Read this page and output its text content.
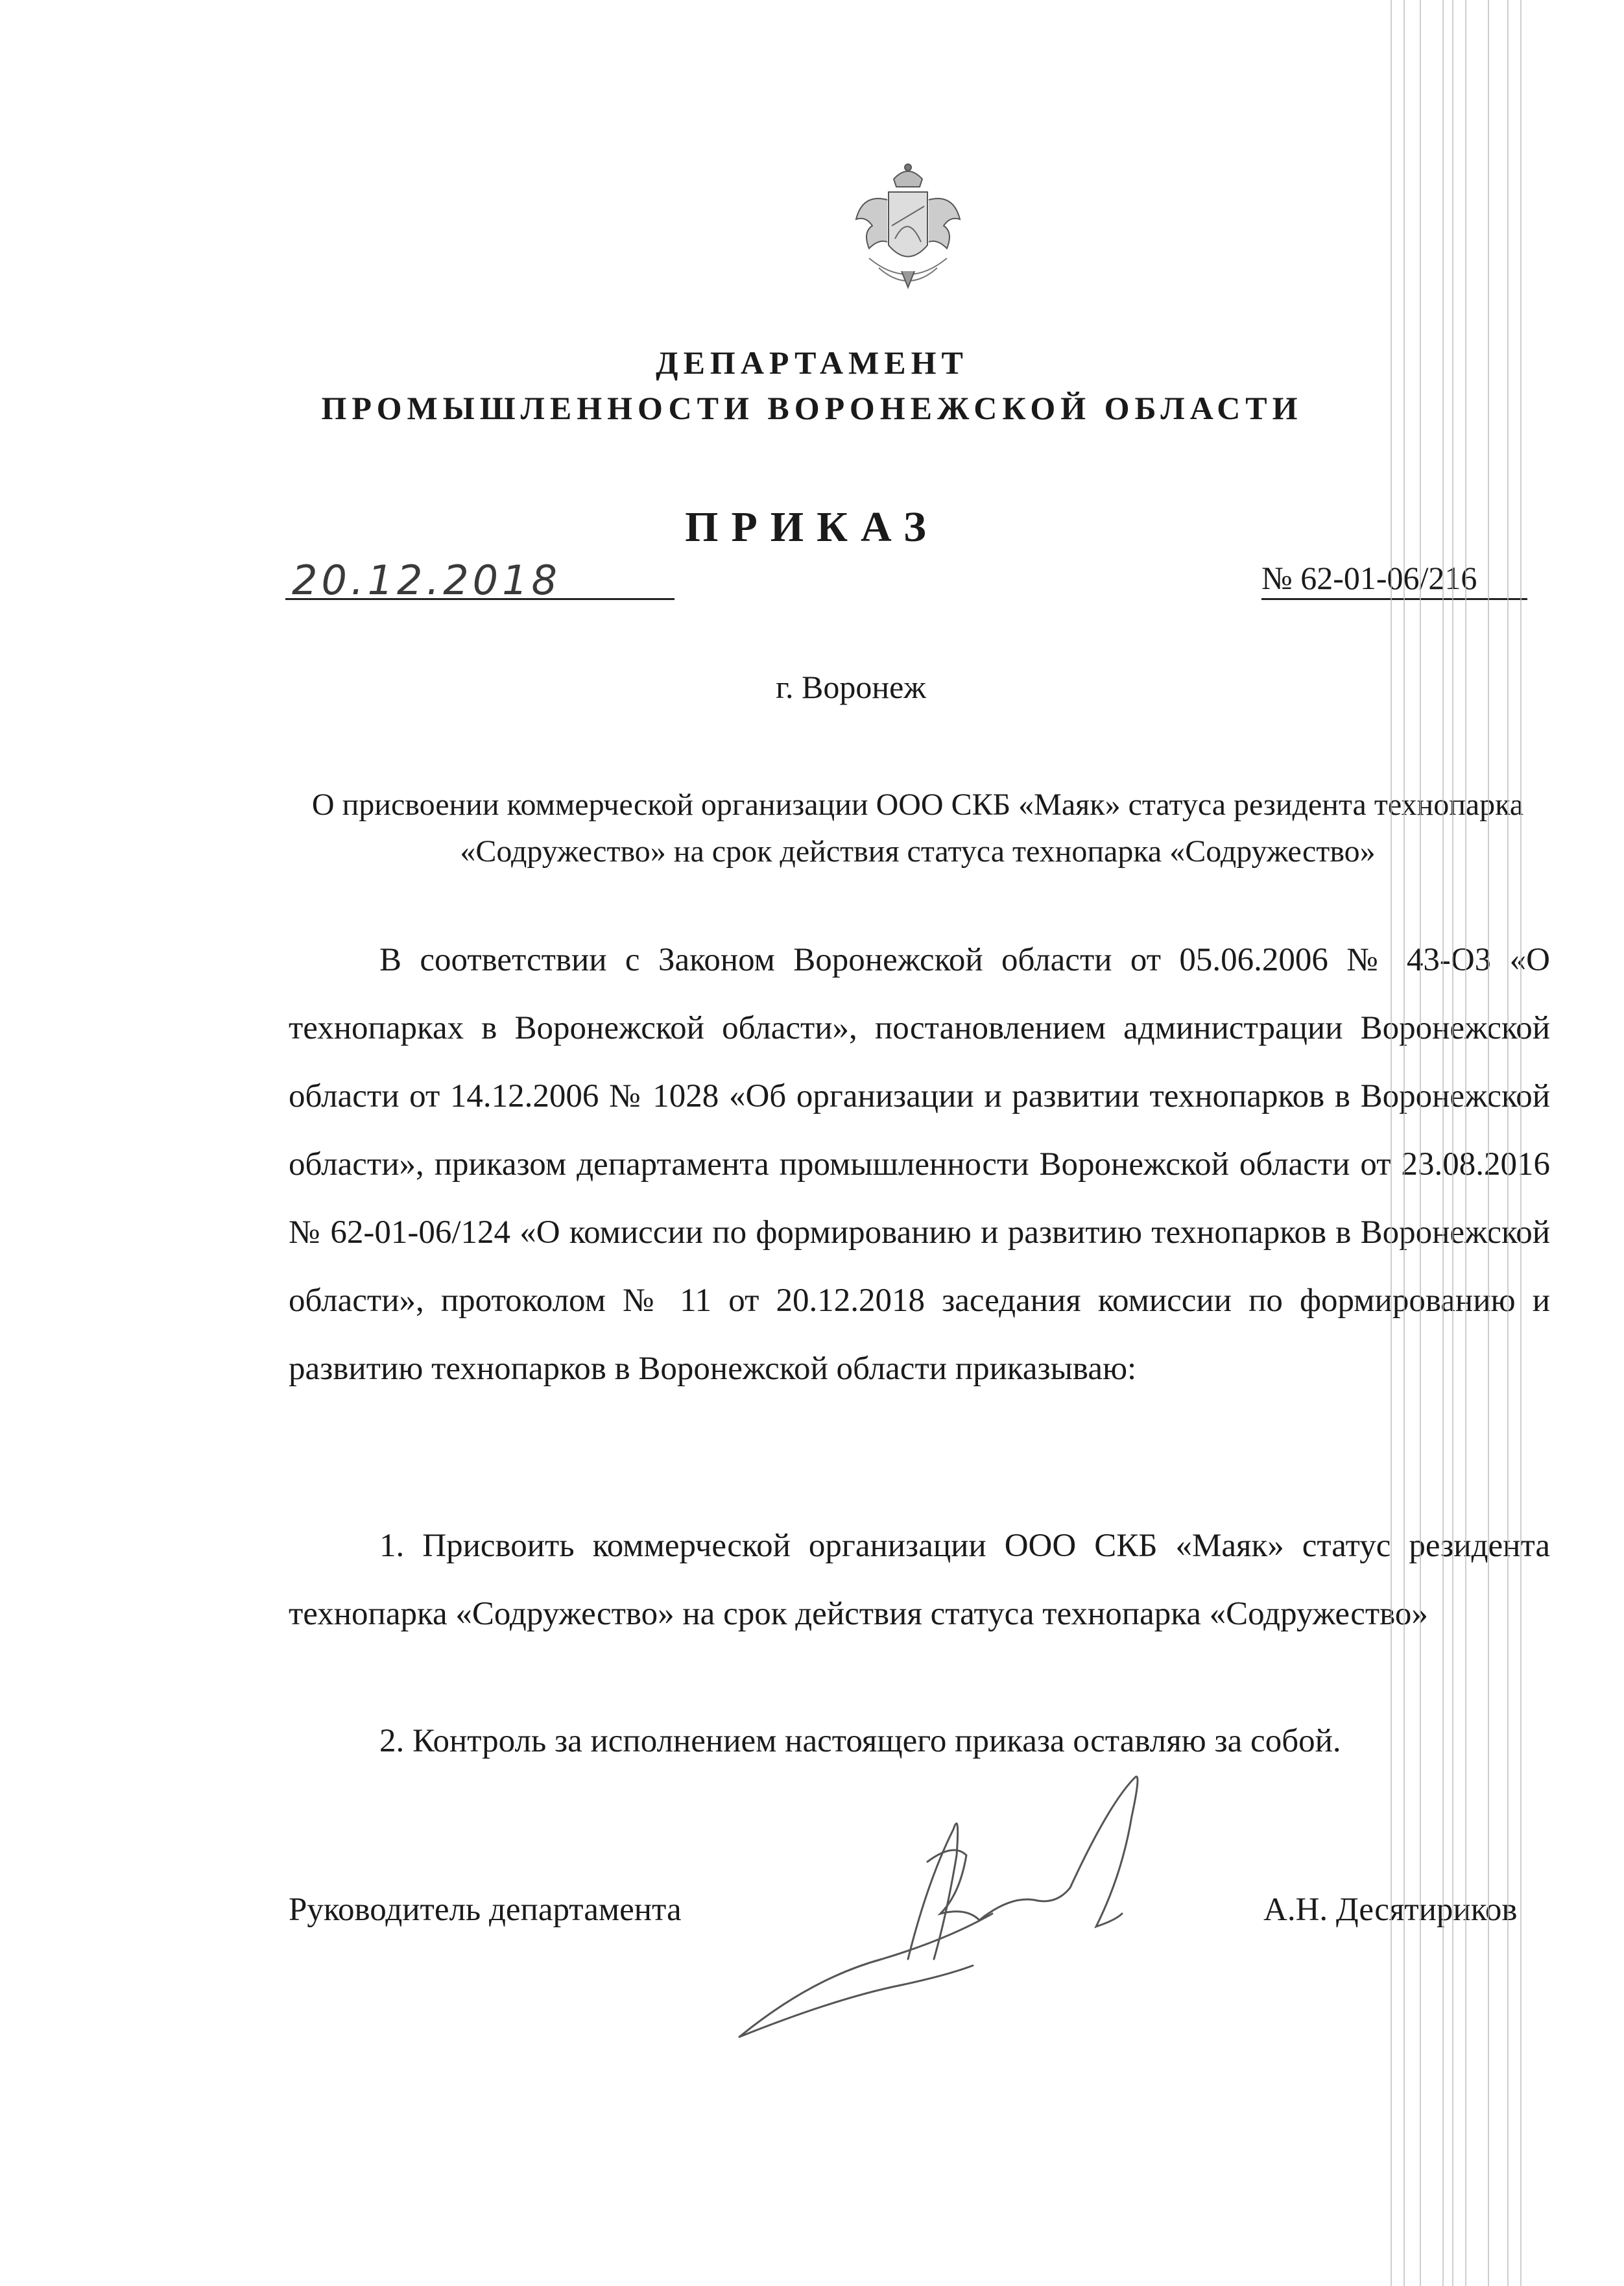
ДЕПАРТАМЕНТ
ПРОМЫШЛЕННОСТИ ВОРОНЕЖСКОЙ ОБЛАСТИ
ПРИКАЗ
20.12.2018	№ 62-01-06/216
г. Воронеж
О присвоении коммерческой организации ООО СКБ «Маяк» статуса резидента технопарка «Содружество» на срок действия статуса технопарка «Содружество»
В соответствии с Законом Воронежской области от 05.06.2006 № 43-ОЗ «О технопарках в Воронежской области», постановлением администрации Воронежской области от 14.12.2006 № 1028 «Об организации и развитии технопарков в Воронежской области», приказом департамента промышленности Воронежской области от 23.08.2016 № 62-01-06/124 «О комиссии по формированию и развитию технопарков в Воронежской области», протоколом № 11 от 20.12.2018 заседания комиссии по формированию и развитию технопарков в Воронежской области приказываю:
1. Присвоить коммерческой организации ООО СКБ «Маяк» статус резидента технопарка «Содружество» на срок действия статуса технопарка «Содружество»
2. Контроль за исполнением настоящего приказа оставляю за собой.
Руководитель департамента	А.Н. Десятириков
